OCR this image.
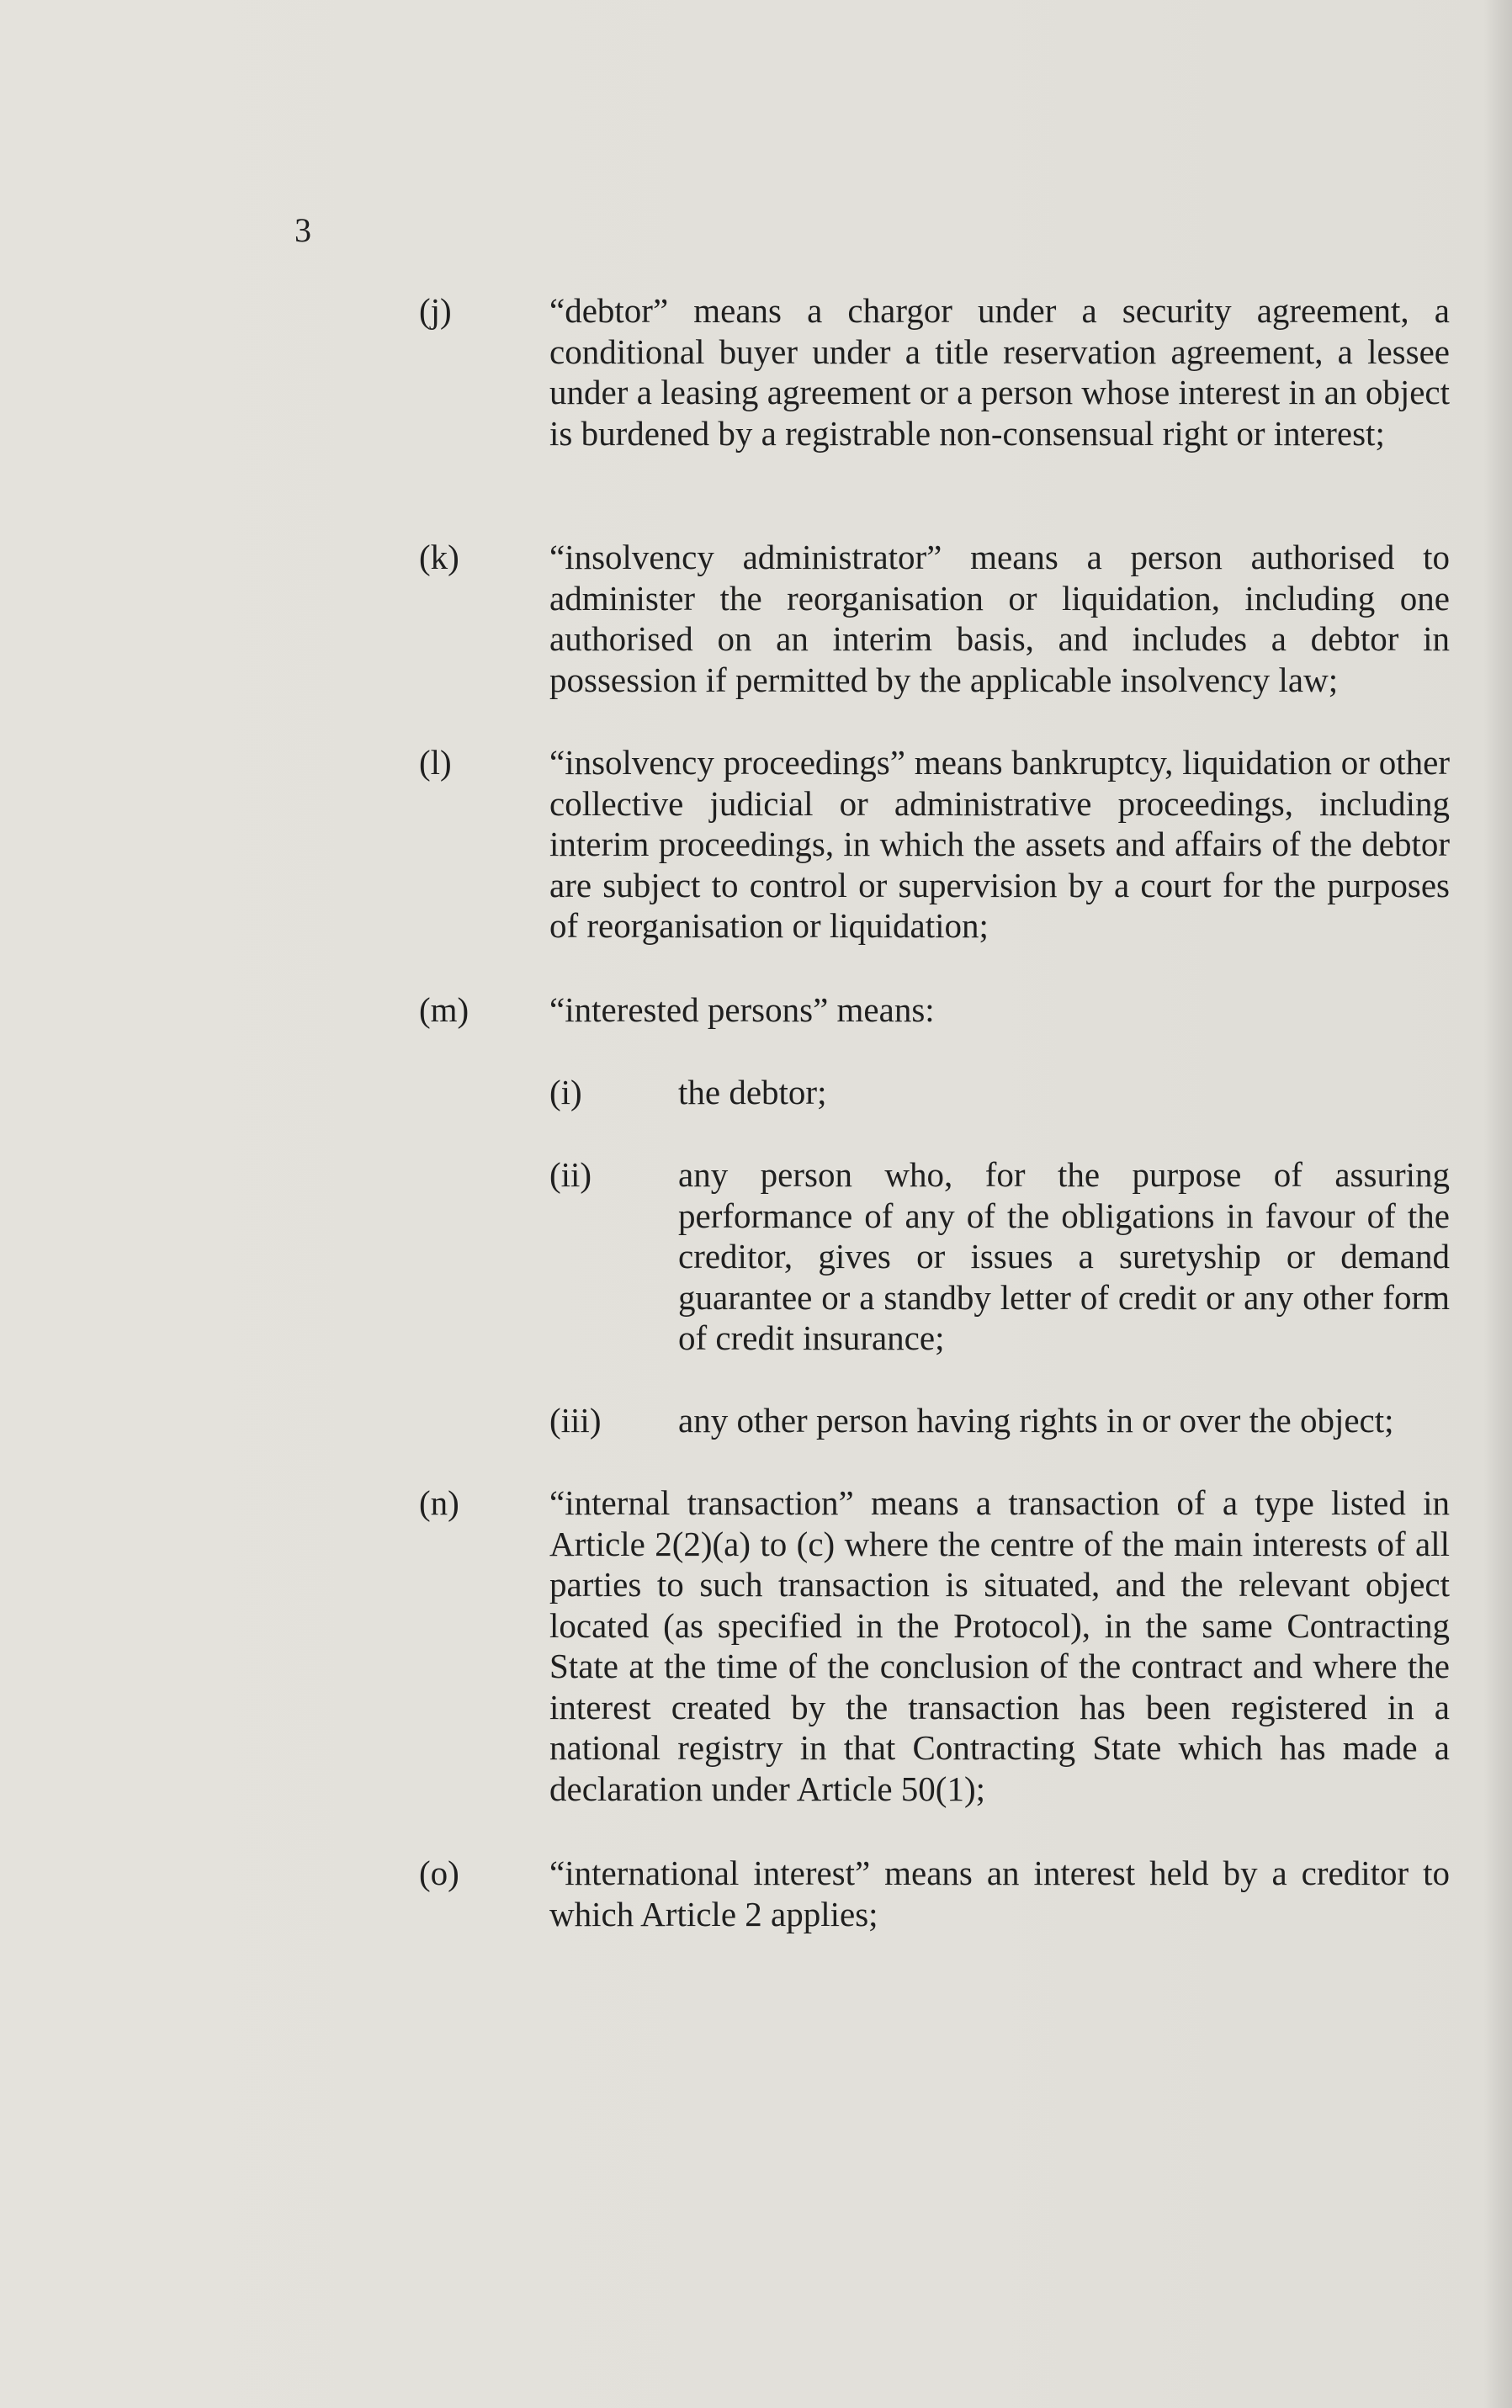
3
(j)	“debtor” means a chargor under a security agreement, a conditional buyer under a title reservation agreement, a lessee under a leasing agreement or a person whose interest in an object is burdened by a registrable non-consensual right or interest;
(k)	“insolvency administrator” means a person authorised to administer the reorganisation or liquidation, including one authorised on an interim basis, and includes a debtor in possession if permitted by the applicable insolvency law;
(l)	“insolvency proceedings” means bankruptcy, liquidation or other collective judicial or administrative proceedings, including interim proceedings, in which the assets and affairs of the debtor are subject to control or supervision by a court for the purposes of reorganisation or liquidation;
(m) “interested persons” means:
(i)	the debtor;
(ii)	any person who, for the purpose of assuring performance of any of the obligations in favour of the creditor, gives or issues a suretyship or demand guarantee or a standby letter of credit or any other form of credit insurance;
(iii) any other person having rights in or over the object;
(n)	“internal transaction” means a transaction of a type listed in Article 2(2)(a) to (c) where the centre of the main interests of all parties to such transaction is situated, and the relevant object located (as specified in the Protocol), in the same Contracting State at the time of the conclusion of the contract and where the interest created by the transaction has been registered in a national registry in that Contracting State which has made a declaration under Article 50(1);
(o)	“international interest” means an interest held by a creditor to which Article 2 applies;
